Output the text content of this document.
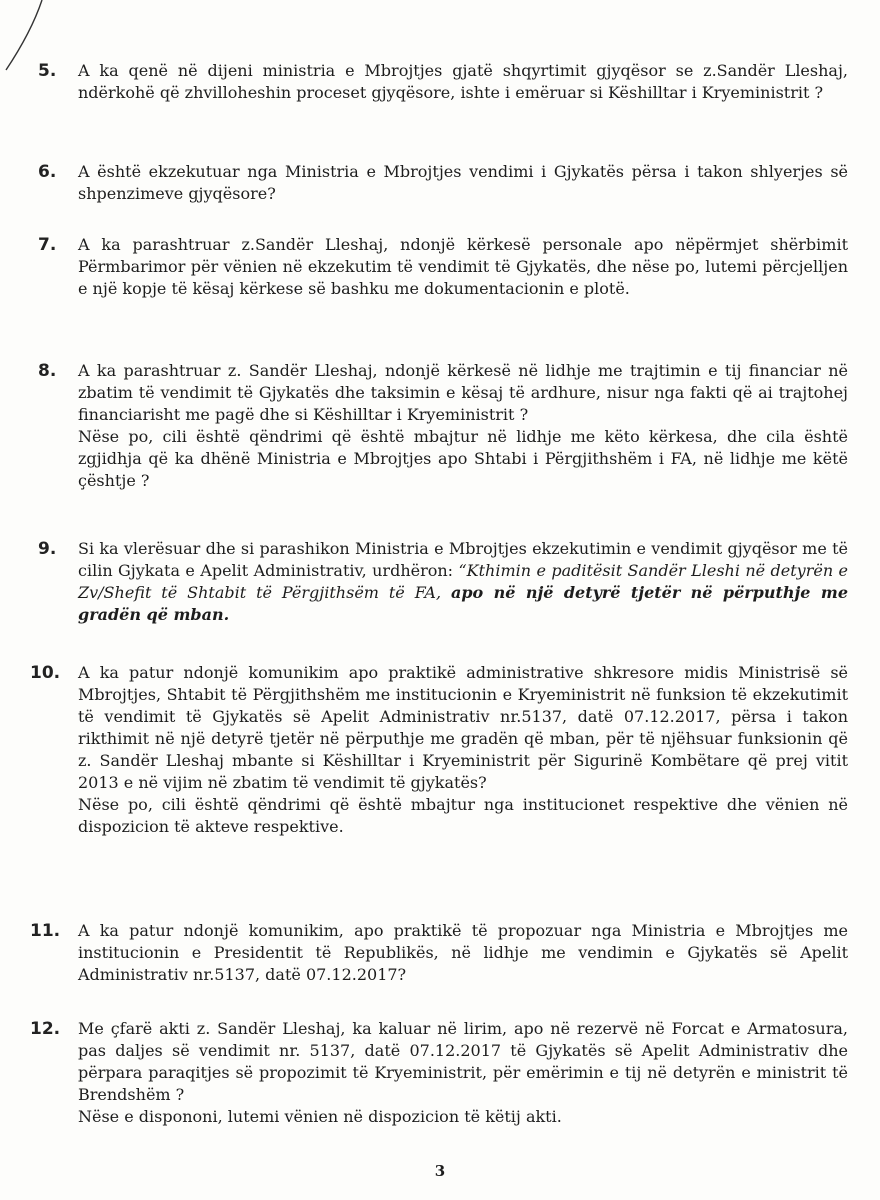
5.	A ka qenë në dijeni ministria e Mbrojtjes gjatë shqyrtimit gjyqësor se z.Sandër Lleshaj, ndërkohë që zhvilloheshin proceset gjyqësore, ishte i emëruar si Këshilltar i Kryeministrit ?

6.	A është ekzekutuar nga Ministria e Mbrojtjes vendimi i Gjykatës përsa i takon shlyerjes së shpenzimeve gjyqësore?

7.	A ka parashtruar z.Sandër Lleshaj, ndonjë kërkesë personale apo nëpërmjet shërbimit Përmbarimor për vënien në ekzekutim të vendimit të Gjykatës, dhe nëse po, lutemi përcjelljen e një kopje të kësaj kërkese së bashku me dokumentacionin e plotë.

8.	A ka parashtruar z. Sandër Lleshaj, ndonjë kërkesë në lidhje me trajtimin e tij financiar në zbatim të vendimit të Gjykatës dhe taksimin e kësaj të ardhure, nisur nga fakti që ai trajtohej financiarisht me pagë dhe si Këshilltar i Kryeministrit ?

Nëse po, cili është qëndrimi që është mbajtur në lidhje me këto kërkesa, dhe cila është zgjidhja që ka dhënë Ministria e Mbrojtjes apo Shtabi i Përgjithshëm i FA, në lidhje me këtë çështje ?

9.	Si ka vlerësuar dhe si parashikon Ministria e Mbrojtjes ekzekutimin e vendimit gjyqësor me të cilin Gjykata e Apelit Administrativ, urdhëron: “Kthimin e paditësit Sandër Lleshi në detyrën e Zv/Shefit të Shtabit të Përgjithsëm të FA, apo në një detyrë tjetër në përputhje me gradën që mban.

10.	A ka patur ndonjë komunikim apo praktikë administrative shkresore midis Ministrisë së Mbrojtjes, Shtabit të Përgjithshëm me institucionin e Kryeministrit në funksion të ekzekutimit të vendimit të Gjykatës së Apelit Administrativ nr.5137, datë 07.12.2017, përsa i takon rikthimit në një detyrë tjetër në përputhje me gradën që mban, për të njëhsuar funksionin që z. Sandër Lleshaj mbante si Këshilltar i Kryeministrit për Sigurinë Kombëtare që prej vitit 2013 e në vijim në zbatim të vendimit të gjykatës?

Nëse po, cili është qëndrimi që është mbajtur nga institucionet respektive dhe vënien në dispozicion të akteve respektive.

11.	A ka patur ndonjë komunikim, apo praktikë të propozuar nga Ministria e Mbrojtjes me institucionin e Presidentit të Republikës, në lidhje me vendimin e Gjykatës së Apelit Administrativ nr.5137, datë 07.12.2017?

12.	Me çfarë akti z. Sandër Lleshaj, ka kaluar në lirim, apo në rezervë në Forcat e Armatosura, pas daljes së vendimit nr. 5137, datë 07.12.2017 të Gjykatës së Apelit Administrativ dhe përpara paraqitjes së propozimit të Kryeministrit, për emërimin e tij në detyrën e ministrit të Brendshëm ?

Nëse e dispononi, lutemi vënien në dispozicion të këtij akti.

3
